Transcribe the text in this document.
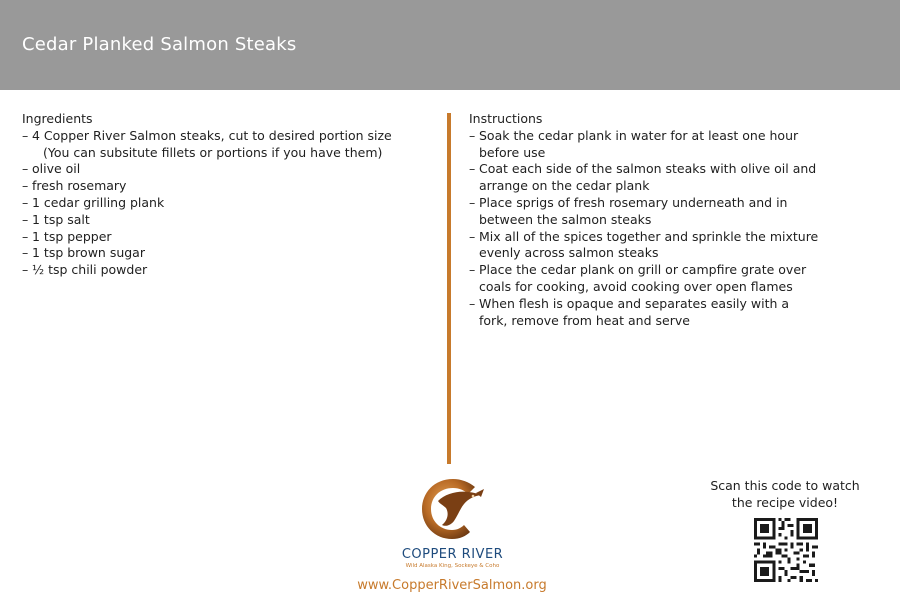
Cedar Planked Salmon Steaks
Ingredients
– 4 Copper River Salmon steaks, cut to desired portion size
(You can subsitute fillets or portions if you have them)
– olive oil
– fresh rosemary
– 1 cedar grilling plank
– 1 tsp salt
– 1 tsp pepper
– 1 tsp brown sugar
– ½ tsp chili powder
Instructions
– Soak the cedar plank in water for at least one hour
before use
– Coat each side of the salmon steaks with olive oil and
arrange on the cedar plank
– Place sprigs of fresh rosemary underneath and in
between the salmon steaks
– Mix all of the spices together and sprinkle the mixture
evenly across salmon steaks
– Place the cedar plank on grill or campfire grate over
coals for cooking, avoid cooking over open flames
– When flesh is opaque and separates easily with a
fork, remove from heat and serve
COPPER RIVER
Wild Alaska King, Sockeye & Coho
www.CopperRiverSalmon.org
Scan this code to watch
the recipe video!
